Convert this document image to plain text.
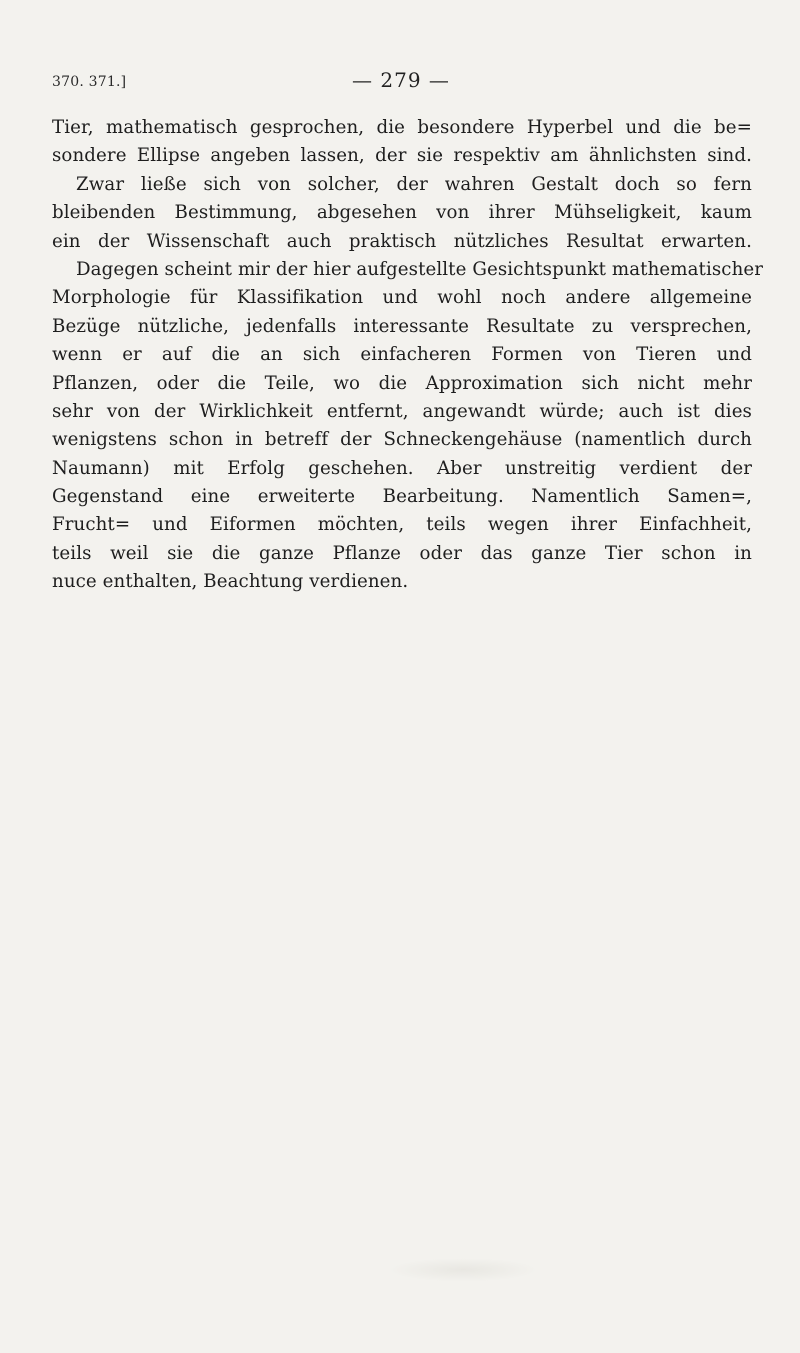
370. 371.]	— 279 —
Tier, mathematisch gesprochen, die besondere Hyperbel und die be=
sondere Ellipse angeben lassen, der sie respektiv am ähnlichsten sind.
Zwar ließe sich von solcher, der wahren Gestalt doch so fern
bleibenden Bestimmung, abgesehen von ihrer Mühseligkeit, kaum
ein der Wissenschaft auch praktisch nützliches Resultat erwarten.
Dagegen scheint mir der hier aufgestellte Gesichtspunkt mathematischer
Morphologie für Klassifikation und wohl noch andere allgemeine
Bezüge nützliche, jedenfalls interessante Resultate zu versprechen,
wenn er auf die an sich einfacheren Formen von Tieren und
Pflanzen, oder die Teile, wo die Approximation sich nicht mehr
sehr von der Wirklichkeit entfernt, angewandt würde; auch ist dies
wenigstens schon in betreff der Schneckengehäuse (namentlich durch
Naumann) mit Erfolg geschehen. Aber unstreitig verdient der
Gegenstand eine erweiterte Bearbeitung. Namentlich Samen=,
Frucht= und Eiformen möchten, teils wegen ihrer Einfachheit,
teils weil sie die ganze Pflanze oder das ganze Tier schon in
nuce enthalten, Beachtung verdienen.
